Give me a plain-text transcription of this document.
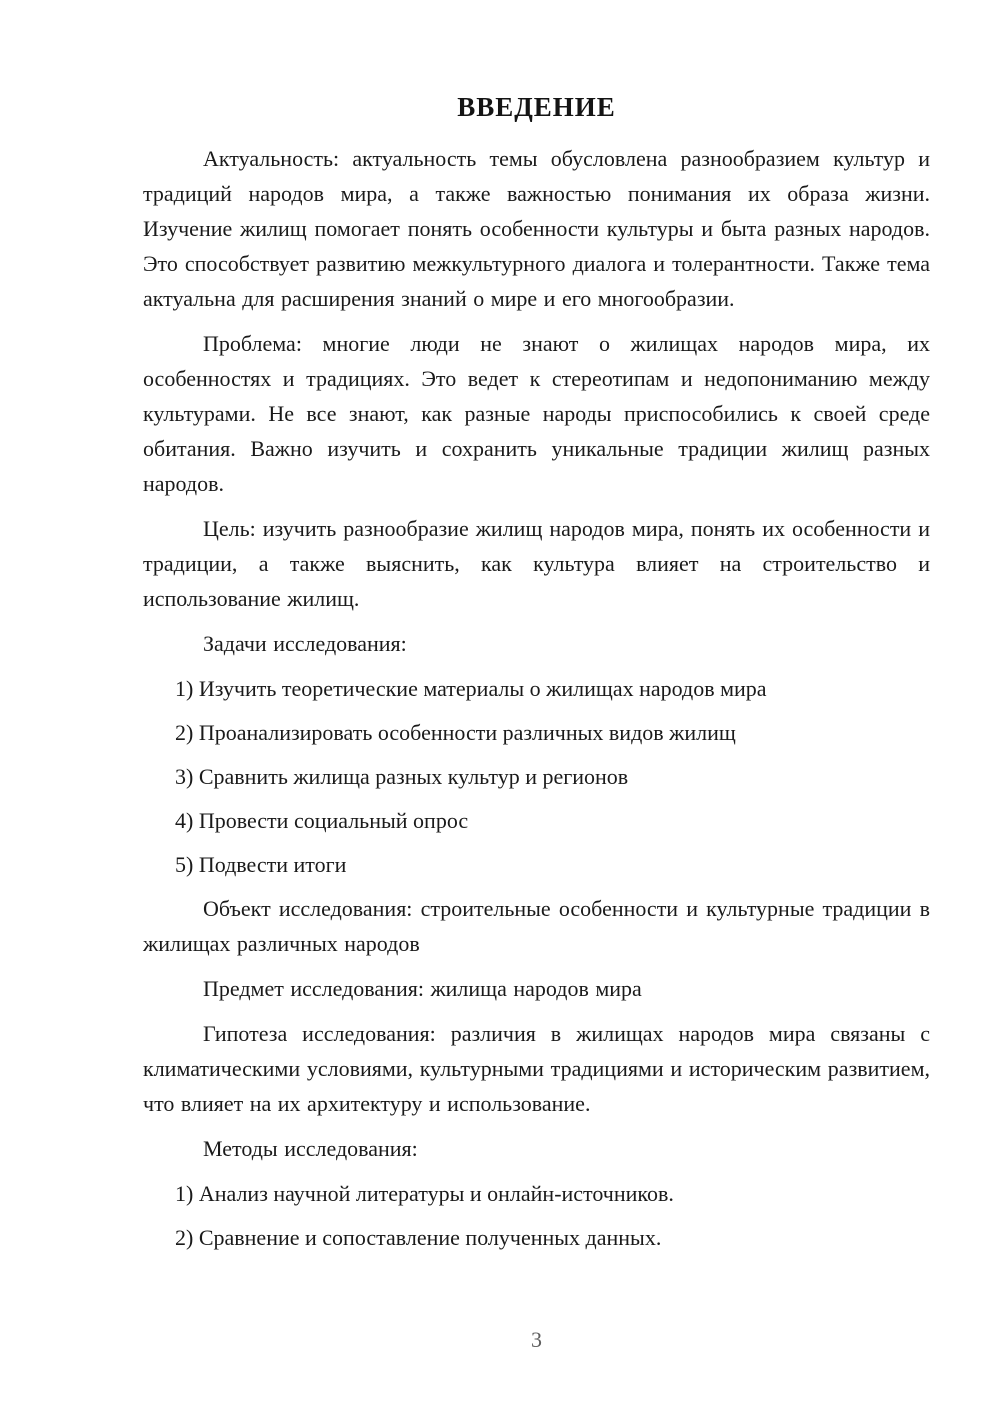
ВВЕДЕНИЕ

Актуальность: актуальность темы обусловлена разнообразием культур и традиций народов мира, а также важностью понимания их образа жизни. Изучение жилищ помогает понять особенности культуры и быта разных народов. Это способствует развитию межкультурного диалога и толерантности. Также тема актуальна для расширения знаний о мире и его многообразии.

Проблема: многие люди не знают о жилищах народов мира, их особенностях и традициях. Это ведет к стереотипам и недопониманию между культурами. Не все знают, как разные народы приспособились к своей среде обитания. Важно изучить и сохранить уникальные традиции жилищ разных народов.

Цель: изучить разнообразие жилищ народов мира, понять их особенности и традиции, а также выяснить, как культура влияет на строительство и использование жилищ.

Задачи исследования:

1) Изучить теоретические материалы о жилищах народов мира

2) Проанализировать особенности различных видов жилищ

3) Сравнить жилища разных культур и регионов

4) Провести социальный опрос

5) Подвести итоги

Объект исследования: строительные особенности и культурные традиции в жилищах различных народов

Предмет исследования: жилища народов мира

Гипотеза исследования: различия в жилищах народов мира связаны с климатическими условиями, культурными традициями и историческим развитием, что влияет на их архитектуру и использование.

Методы исследования:

1) Анализ научной литературы и онлайн-источников.

2) Сравнение и сопоставление полученных данных.

3
